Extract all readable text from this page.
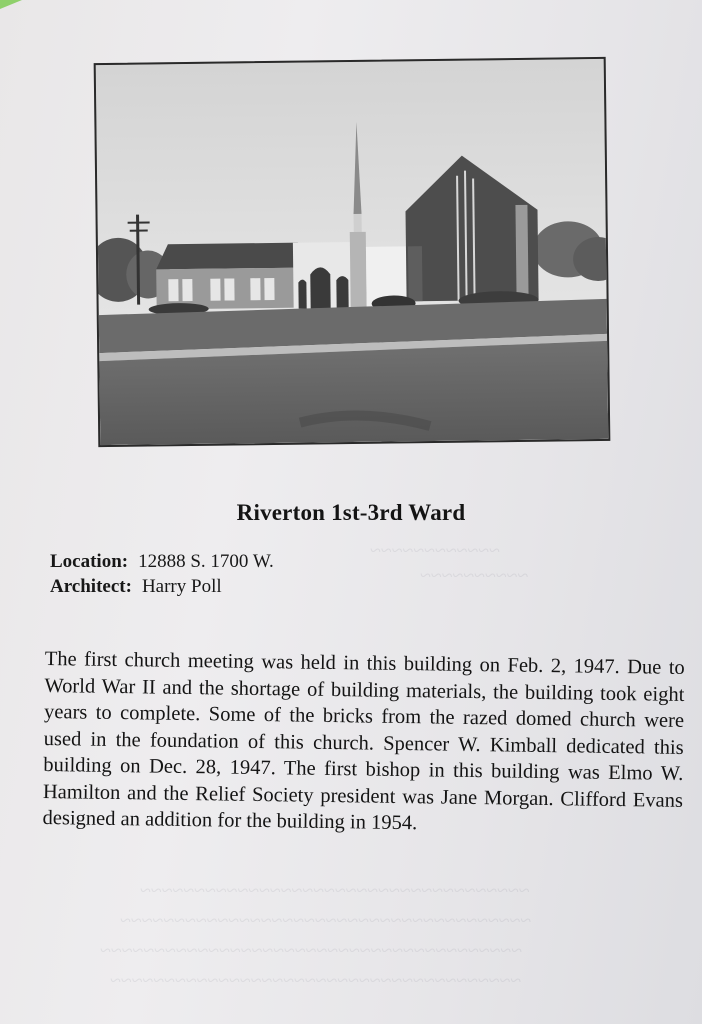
~~~~~~~~~~~~
~~~~~~~~~~
~~~~~~~~~~~~~~~~~~~~~~~~~~~~~~~~~~~~
~~~~~~~~~~~~~~~~~~~~~~~~~~~~~~~~~~~~~~
~~~~~~~~~~~~~~~~~~~~~~~~~~~~~~~~~~~~~~~
~~~~~~~~~~~~~~~~~~~~~~~~~~~~~~~~~~~~~~
Riverton 1st-3rd Ward
Location: 12888 S. 1700 W.
Architect: Harry Poll

The first church meeting was held in this building on Feb. 2, 1947. Due to World War II and the shortage of building materials, the building took eight years to complete. Some of the bricks from the razed domed church were used in the foundation of this church. Spencer W. Kimball dedicated this building on Dec. 28, 1947. The first bishop in this building was Elmo W. Hamilton and the Relief Society president was Jane Morgan. Clifford Evans designed an addition for the building in 1954.
